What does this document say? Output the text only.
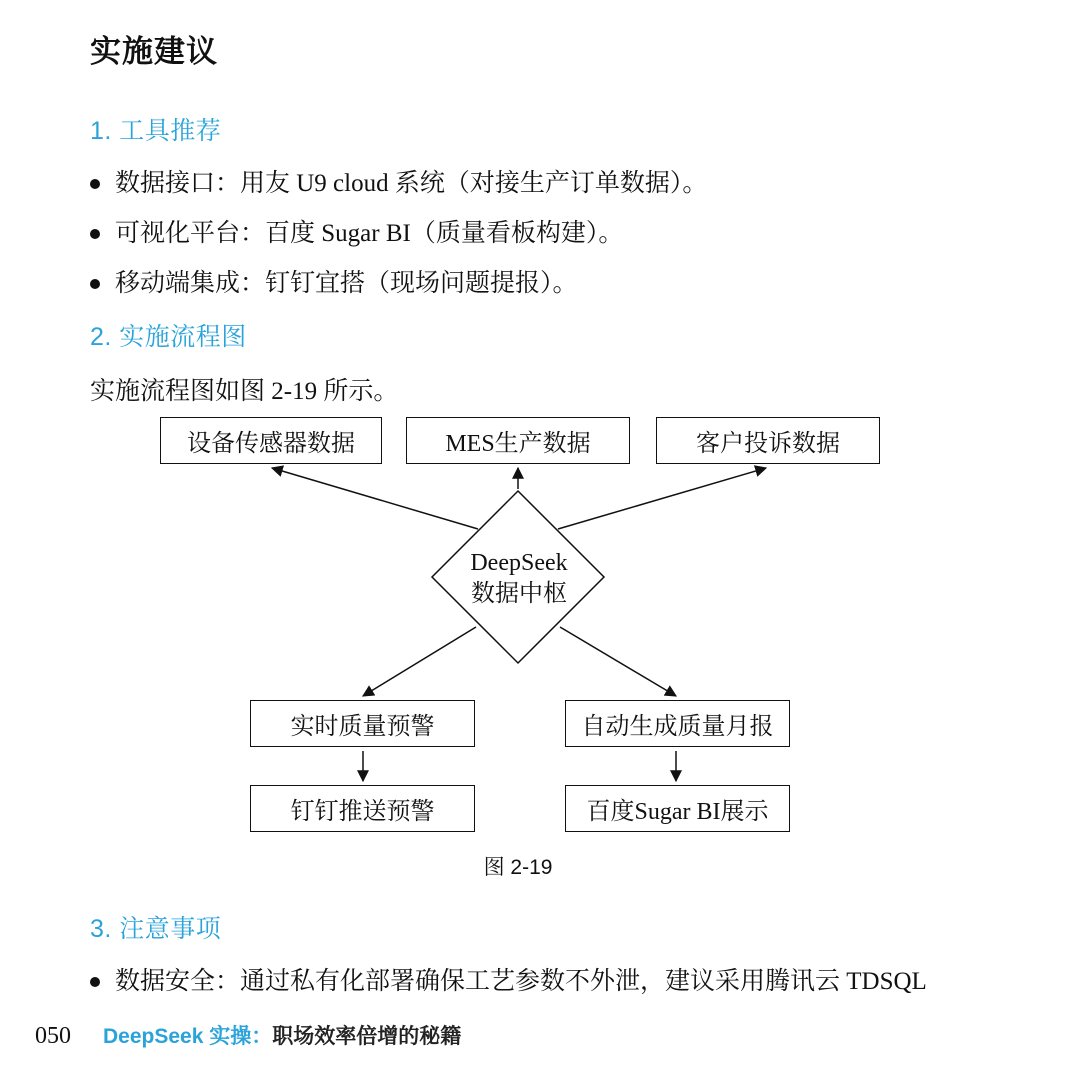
实施建议
1. 工具推荐
数据接口：用友 U9 cloud 系统（对接生产订单数据）。
可视化平台：百度 Sugar BI（质量看板构建）。
移动端集成：钉钉宜搭（现场问题提报）。
2. 实施流程图

实施流程图如图 2-19 所示。

设备传感器数据	MES生产数据	客户投诉数据
DeepSeek
数据中枢
实时质量预警	自动生成质量月报
钉钉推送预警	百度Sugar BI展示
图 2-19
3. 注意事项
数据安全：通过私有化部署确保工艺参数不外泄，建议采用腾讯云 TDSQL
050 DeepSeek 实操：职场效率倍增的秘籍
